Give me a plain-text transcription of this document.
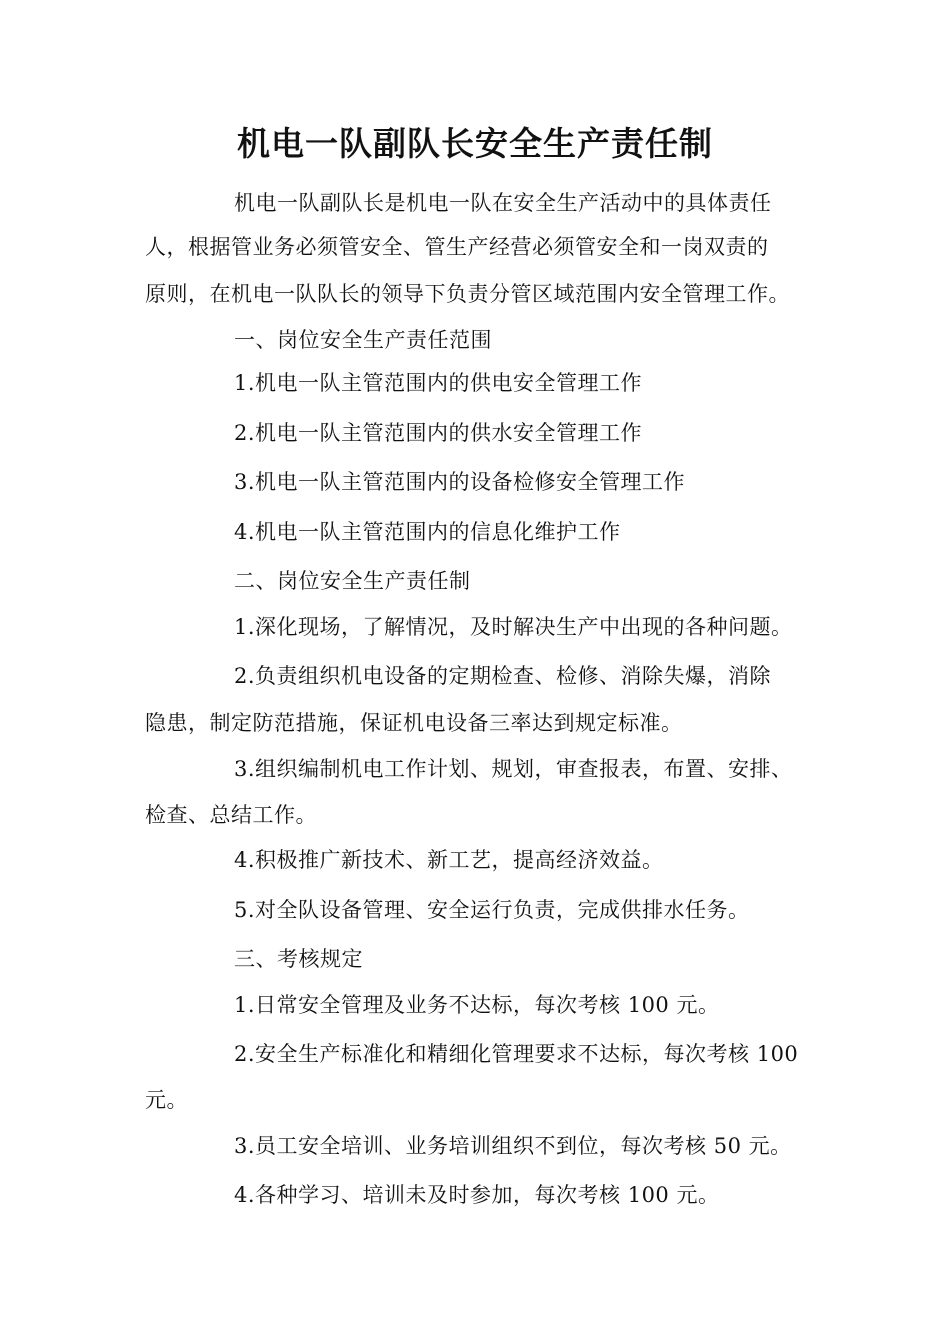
机电一队副队长安全生产责任制
机电一队副队长是机电一队在安全生产活动中的具体责任
人，根据管业务必须管安全、管生产经营必须管安全和一岗双责的
原则，在机电一队队长的领导下负责分管区域范围内安全管理工作。
一、岗位安全生产责任范围
1.机电一队主管范围内的供电安全管理工作
2.机电一队主管范围内的供水安全管理工作
3.机电一队主管范围内的设备检修安全管理工作
4.机电一队主管范围内的信息化维护工作
二、岗位安全生产责任制
1.深化现场，了解情况，及时解决生产中出现的各种问题。
2.负责组织机电设备的定期检查、检修、消除失爆，消除
隐患，制定防范措施，保证机电设备三率达到规定标准。
3.组织编制机电工作计划、规划，审查报表，布置、安排、
检查、总结工作。
4.积极推广新技术、新工艺，提高经济效益。
5.对全队设备管理、安全运行负责，完成供排水任务。
三、考核规定
1.日常安全管理及业务不达标，每次考核 100 元。
2.安全生产标准化和精细化管理要求不达标，每次考核 100
元。
3.员工安全培训、业务培训组织不到位，每次考核 50 元。
4.各种学习、培训未及时参加，每次考核 100 元。
